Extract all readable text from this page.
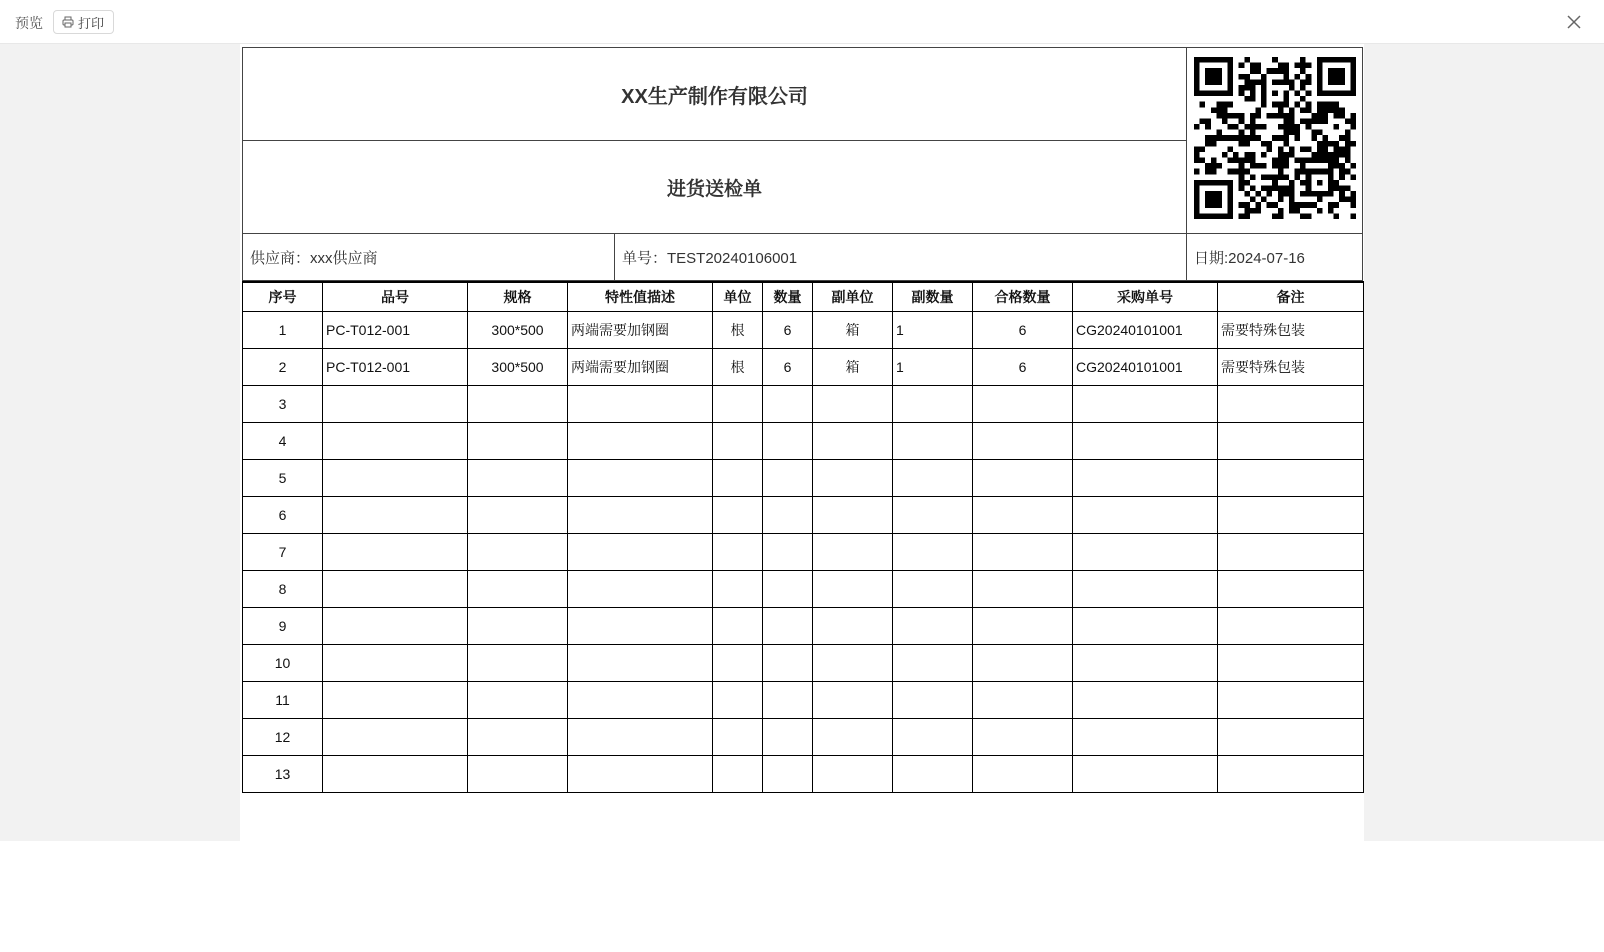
预览	打印
XX生产制作有限公司	
进货送检单		
供应商：xxx供应商	单号：TEST20240106001	日期:2024-07-16
序号	品号	规格	特性值描述	单位	数量	副单位	副数量	合格数量	采购单号	备注
1	PC-T012-001	300*500	两端需要加钢圈	根	6	箱	1	6	CG20240101001	需要特殊包装
2	PC-T012-001	300*500	两端需要加钢圈	根	6	箱	1	6	CG20240101001	需要特殊包装
3										
4										
5										
6										
7										
8										
9										
10										
11										
12										
13										
